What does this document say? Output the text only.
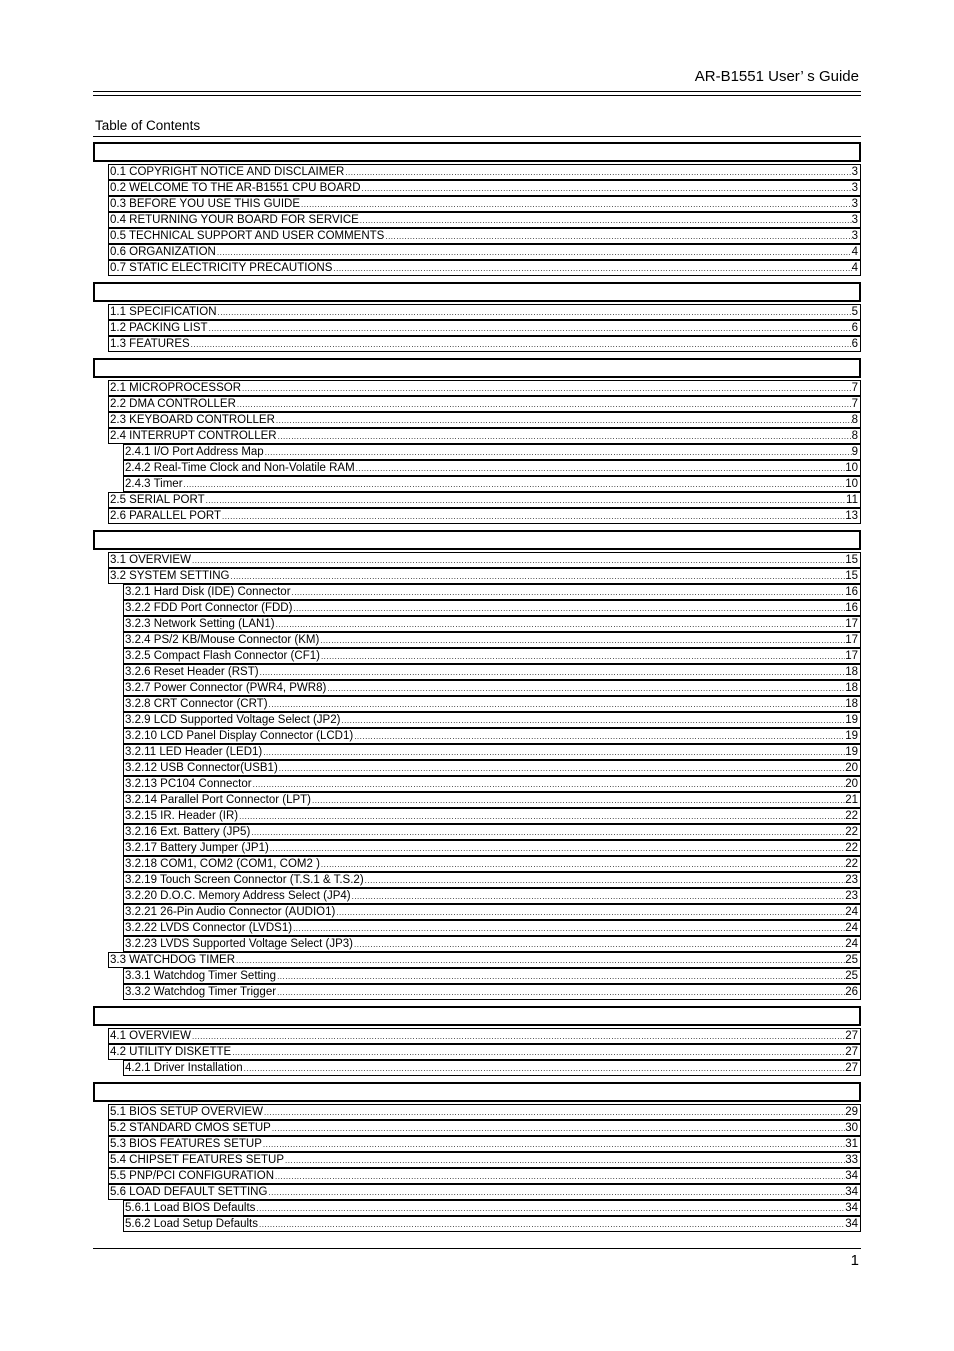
AR-B1551 User’ s Guide
Table of Contents
0.1 COPYRIGHT NOTICE AND DISCLAIMER .....	3
0.2 WELCOME TO THE AR-B1551 CPU BOARD .....	3
0.3 BEFORE YOU USE THIS GUIDE .....	3
0.4 RETURNING YOUR BOARD FOR SERVICE .....	3
0.5 TECHNICAL SUPPORT AND USER COMMENTS .....	3
0.6 ORGANIZATION .....	4
0.7 STATIC ELECTRICITY PRECAUTIONS .....	4
1.1 SPECIFICATION .....	5
1.2 PACKING LIST .....	6
1.3 FEATURES .....	6
2.1 MICROPROCESSOR .....	7
2.2 DMA CONTROLLER .....	7
2.3 KEYBOARD CONTROLLER .....	8
2.4 INTERRUPT CONTROLLER .....	8
2.4.1 I/O Port Address Map .....	9
2.4.2 Real-Time Clock and Non-Volatile RAM .....	10
2.4.3 Timer .....	10
2.5 SERIAL PORT .....	11
2.6 PARALLEL PORT .....	13
3.1 OVERVIEW .....	15
3.2 SYSTEM SETTING .....	15
3.2.1 Hard Disk (IDE) Connector .....	16
3.2.2 FDD Port Connector (FDD) .....	16
3.2.3 Network Setting (LAN1) .....	17
3.2.4 PS/2 KB/Mouse Connector (KM) .....	17
3.2.5 Compact Flash Connector (CF1) .....	17
3.2.6 Reset Header (RST) .....	18
3.2.7 Power Connector (PWR4, PWR8) .....	18
3.2.8 CRT Connector (CRT) .....	18
3.2.9 LCD Supported Voltage Select (JP2) .....	19
3.2.10 LCD Panel Display Connector (LCD1) .....	19
3.2.11 LED Header (LED1) .....	19
3.2.12 USB Connector(USB1) .....	20
3.2.13 PC104 Connector .....	20
3.2.14 Parallel Port Connector (LPT) .....	21
3.2.15 IR. Header (IR) .....	22
3.2.16 Ext. Battery (JP5) .....	22
3.2.17 Battery Jumper (JP1) .....	22
3.2.18 COM1, COM2 (COM1, COM2 ) .....	22
3.2.19 Touch Screen Connector (T.S.1 & T.S.2) .....	23
3.2.20 D.O.C. Memory Address Select (JP4) .....	23
3.2.21 26-Pin Audio Connector (AUDIO1) .....	24
3.2.22 LVDS Connector (LVDS1) .....	24
3.2.23 LVDS Supported Voltage Select (JP3) .....	24
3.3 WATCHDOG TIMER .....	25
3.3.1 Watchdog Timer Setting .....	25
3.3.2 Watchdog Timer Trigger .....	26
4.1 OVERVIEW .....	27
4.2 UTILITY DISKETTE .....	27
4.2.1 Driver Installation .....	27
5.1 BIOS SETUP OVERVIEW .....	29
5.2 STANDARD CMOS SETUP .....	30
5.3 BIOS FEATURES SETUP .....	31
5.4 CHIPSET FEATURES SETUP .....	33
5.5 PNP/PCI CONFIGURATION .....	34
5.6 LOAD DEFAULT SETTING .....	34
5.6.1 Load BIOS Defaults .....	34
5.6.2 Load Setup Defaults .....	34
1
